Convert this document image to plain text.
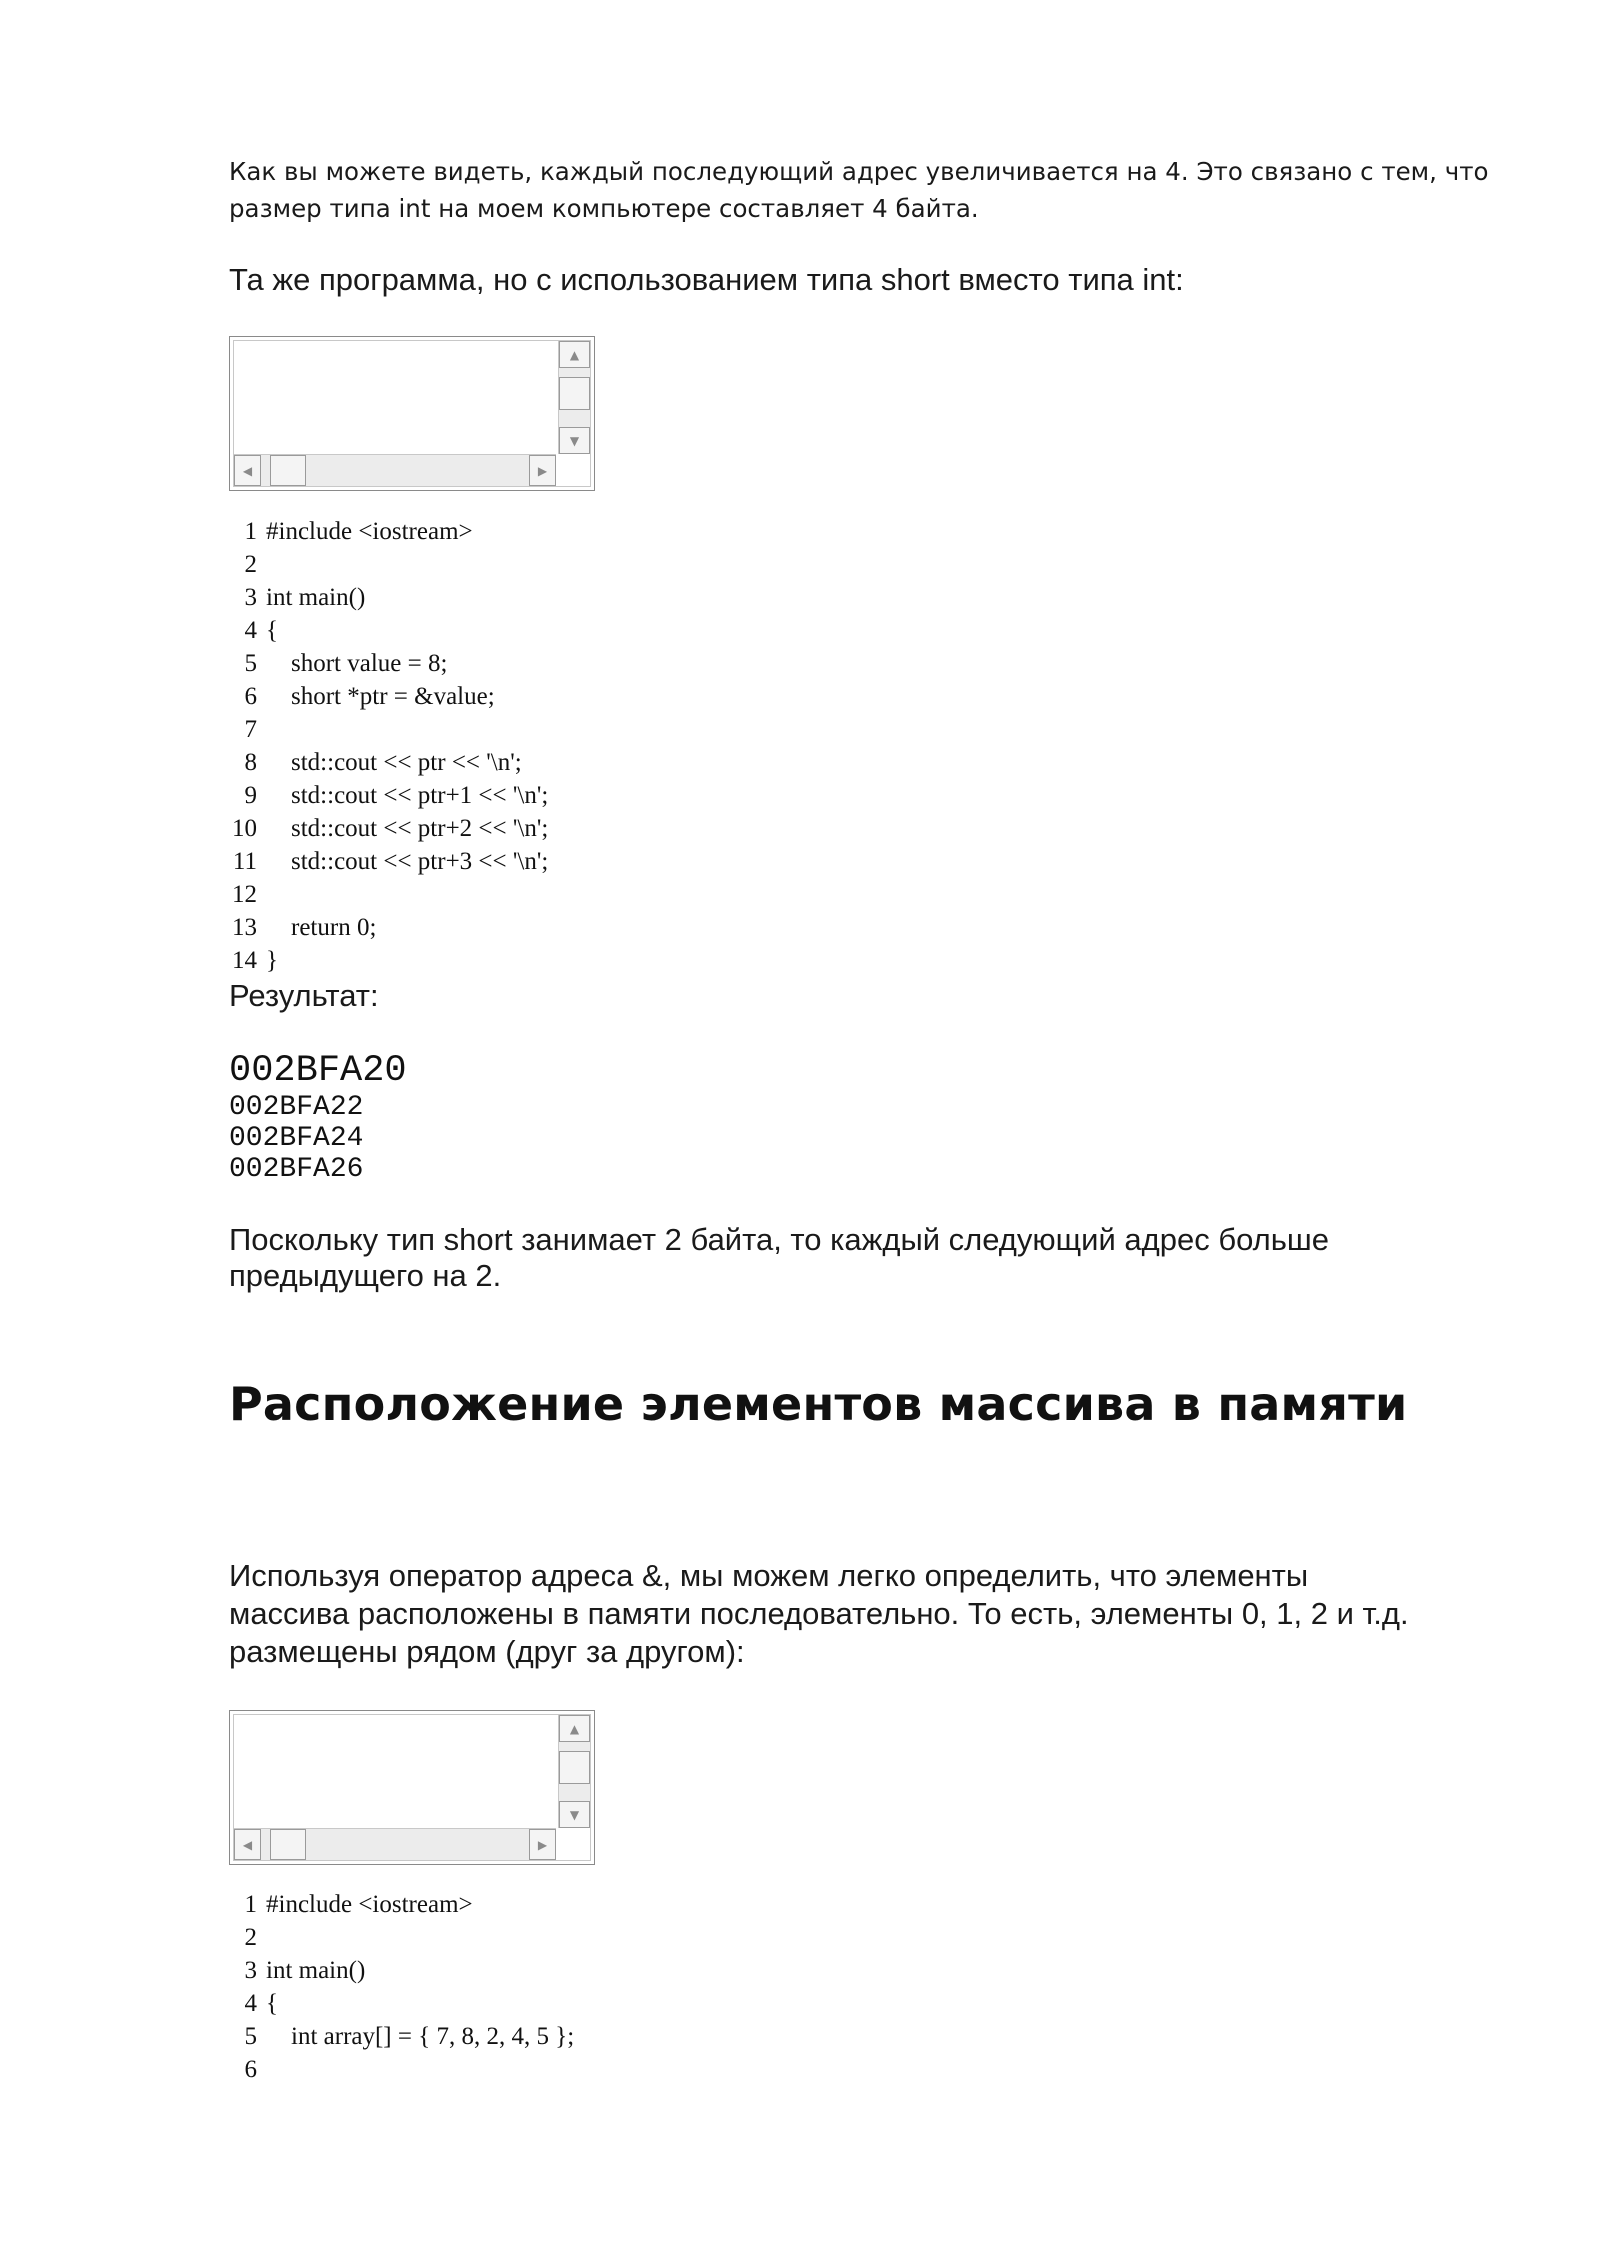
Как вы можете видеть, каждый последующий адрес увеличивается на 4. Это связано с тем, что
размер типа int на моем компьютере составляет 4 байта.
Та же программа, но с использованием типа short вместо типа int:
▲
▼
◀	▶
1 #include <iostream>
2
3 int main()
4 {
5 short value = 8;
6 short *ptr = &value;
7
8 std::cout << ptr << '\n';
9 std::cout << ptr+1 << '\n';
10 std::cout << ptr+2 << '\n';
11 std::cout << ptr+3 << '\n';
12
13 return 0;
14 }
Результат:
002BFA20
002BFA22
002BFA24
002BFA26
Поскольку тип short занимает 2 байта, то каждый следующий адрес больше
предыдущего на 2.
Расположение элементов массива в памяти
Используя оператор адреса &, мы можем легко определить, что элементы
массива расположены в памяти последовательно. То есть, элементы 0, 1, 2 и т.д.
размещены рядом (друг за другом):
▲
▼
◀	▶
1 #include <iostream>
2
3 int main()
4 {
5 int array[] = { 7, 8, 2, 4, 5 };
6
